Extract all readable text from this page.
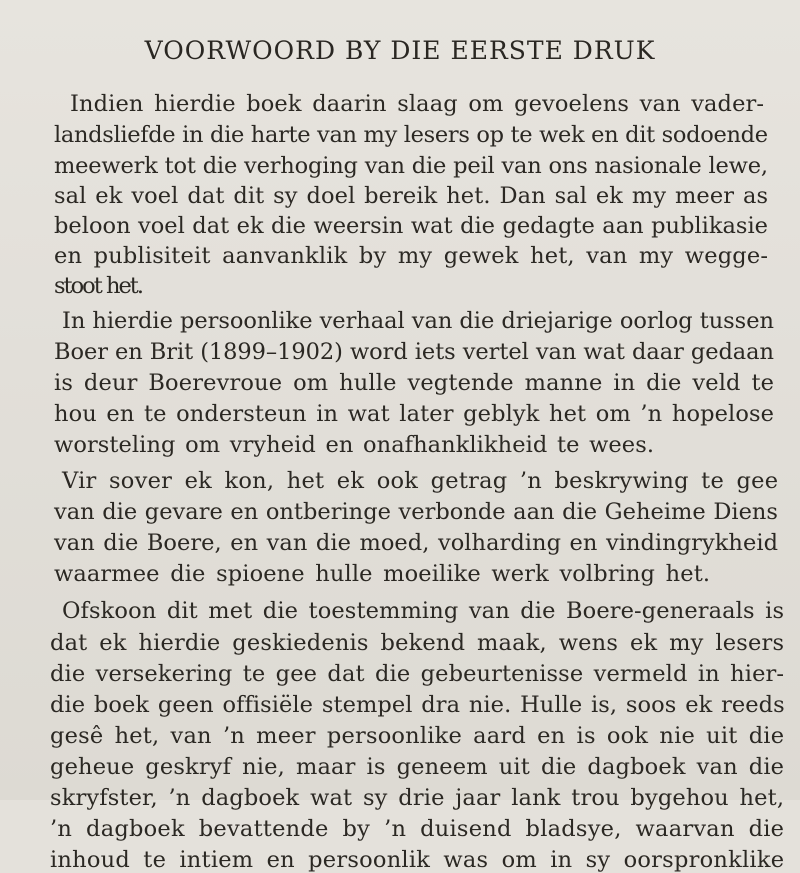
VOORWOORD BY DIE EERSTE DRUK
Indien hierdie boek daarin slaag om gevoelens van vader-
landsliefde in die harte van my lesers op te wek en dit sodoende
meewerk tot die verhoging van die peil van ons nasionale lewe,
sal ek voel dat dit sy doel bereik het. Dan sal ek my meer as
beloon voel dat ek die weersin wat die gedagte aan publikasie
en publisiteit aanvanklik by my gewek het, van my wegge-
stoot het.
In hierdie persoonlike verhaal van die driejarige oorlog tussen
Boer en Brit (1899–1902) word iets vertel van wat daar gedaan
is deur Boerevroue om hulle vegtende manne in die veld te
hou en te ondersteun in wat later geblyk het om ’n hopelose
worsteling om vryheid en onafhanklikheid te wees.
Vir sover ek kon, het ek ook getrag ’n beskrywing te gee
van die gevare en ontberinge verbonde aan die Geheime Diens
van die Boere, en van die moed, volharding en vindingrykheid
waarmee die spioene hulle moeilike werk volbring het.
Ofskoon dit met die toestemming van die Boere-generaals is
dat ek hierdie geskiedenis bekend maak, wens ek my lesers
die versekering te gee dat die gebeurtenisse vermeld in hier-
die boek geen offisiële stempel dra nie. Hulle is, soos ek reeds
gesê het, van ’n meer persoonlike aard en is ook nie uit die
geheue geskryf nie, maar is geneem uit die dagboek van die
skryfster, ’n dagboek wat sy drie jaar lank trou bygehou het,
’n dagboek bevattende by ’n duisend bladsye, waarvan die
inhoud te intiem en persoonlik was om in sy oorspronklike
